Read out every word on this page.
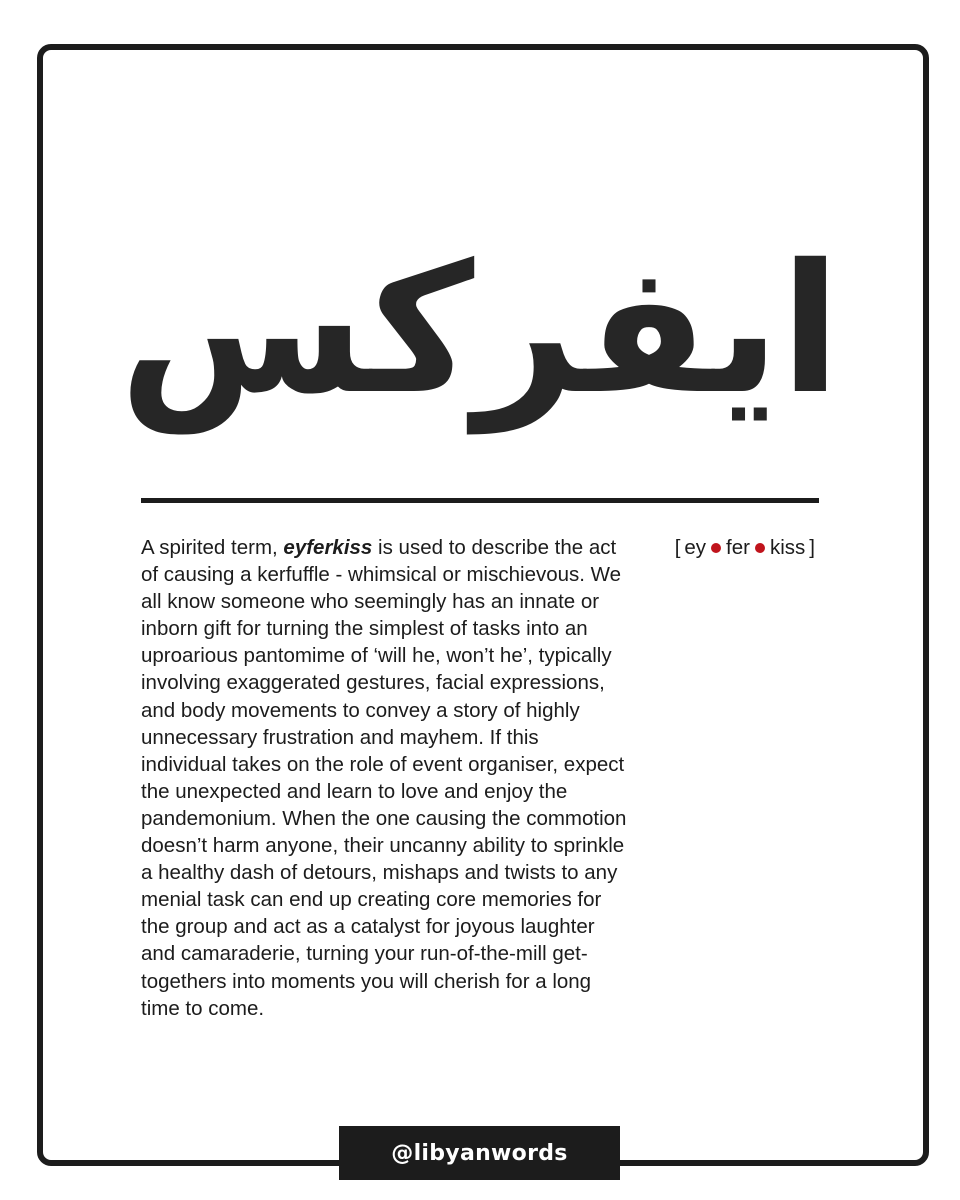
ايفركس

A spirited term, eyferkiss is used to describe the act of causing a kerfuffle - whimsical or mischievous. We all know someone who seemingly has an innate or inborn gift for turning the simplest of tasks into an uproarious pantomime of ‘will he, won’t he’, typically involving exaggerated gestures, facial expressions, and body movements to convey a story of highly unnecessary frustration and mayhem. If this individual takes on the role of event organiser, expect the unexpected and learn to love and enjoy the pandemonium. When the one causing the commotion doesn’t harm anyone, their uncanny ability to sprinkle a healthy dash of detours, mishaps and twists to any menial task can end up creating core memories for the group and act as a catalyst for joyous laughter and camaraderie, turning your run-of-the-mill get-togethers into moments you will cherish for a long time to come.

[ ey fer kiss ]
@libyanwords
